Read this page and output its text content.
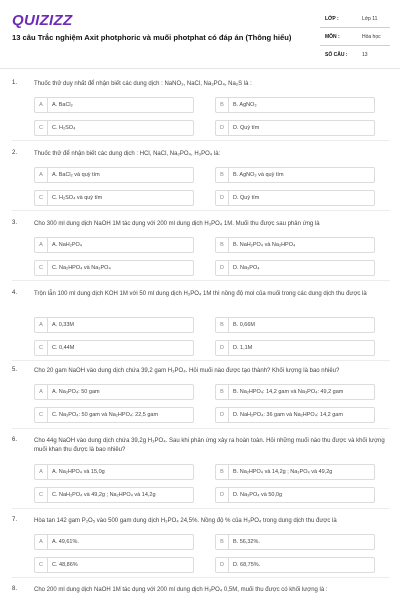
QUIZIZZ
13 câu Trắc nghiệm Axit photphoric và muối photphat có đáp án (Thông hiểu)
LỚP :	Lớp 11
MÔN :	Hóa học
SỐ CÂU :	13
1.	Thuốc thử duy nhất để nhận biết các dung dịch : NaNO₃, NaCl, Na₃PO₄, Na₂S là :
A	A. BaCl₂	B	B. AgNO₃
C	C. H₂SO₄	D	D. Quỳ tím
2.	Thuốc thử để nhận biết các dung dịch : HCl, NaCl, Na₃PO₄, H₃PO₄ là:
A	A. BaCl₂ và quỳ tím	B	B. AgNO₃ và quỳ tím
C	C. H₂SO₄ và quỳ tím	D	D. Quỳ tím
3.	Cho 300 ml dung dịch NaOH 1M tác dụng với 200 ml dung dịch H₃PO₄ 1M. Muối thu được sau phản ứng là
A	A. NaH₂PO₄	B	B. NaH₂PO₄ và Na₂HPO₄
C	C. Na₂HPO₄ và Na₃PO₄	D	D. Na₃PO₄
4.	Trộn lẫn 100 ml dung dịch KOH 1M với 50 ml dung dịch H₃PO₄ 1M thì nồng độ mol của muối trong các dung dịch thu được là
A	A. 0,33M	B	B. 0,66M
C	C. 0,44M	D	D. 1,1M
5.	Cho 20 gam NaOH vào dung dịch chứa 39,2 gam H₃PO₄. Hỏi muối nào được tạo thành? Khối lượng là bao nhiêu?
A	A. Na₃PO₄: 50 gam	B	B. Na₂HPO₄: 14,2 gam và Na₃PO₄: 49,2 gam
C	C. Na₃PO₄: 50 gam và Na₂HPO₄: 22,5 gam	D	D. NaH₂PO₄: 36 gam và Na₂HPO₄: 14,2 gam
6.	Cho 44g NaOH vào dung dịch chứa 39,2g H₃PO₄. Sau khi phản ứng xảy ra hoàn toàn. Hỏi những muối nào thu được và khối lượng muối khan thu được là bao nhiêu?
A	A. Na₂HPO₄ và 15,0g	B	B. Na₂HPO₄ và 14,2g ; Na₃PO₄ và 49,2g
C	C. NaH₂PO₄ và 49,2g ; Na₂HPO₄ và 14,2g	D	D. Na₃PO₄ và 50,0g
7.	Hòa tan 142 gam P₂O₅ vào 500 gam dung dịch H₃PO₄ 24,5%. Nồng độ % của H₃PO₄ trong dung dịch thu được là
A	A. 49,61%.	B	B. 56,32%.
C	C. 48,86%	D	D. 68,75%.
8.	Cho 200 ml dung dịch NaOH 1M tác dụng với 200 ml dung dịch H₃PO₄ 0,5M, muối thu được có khối lượng là :
